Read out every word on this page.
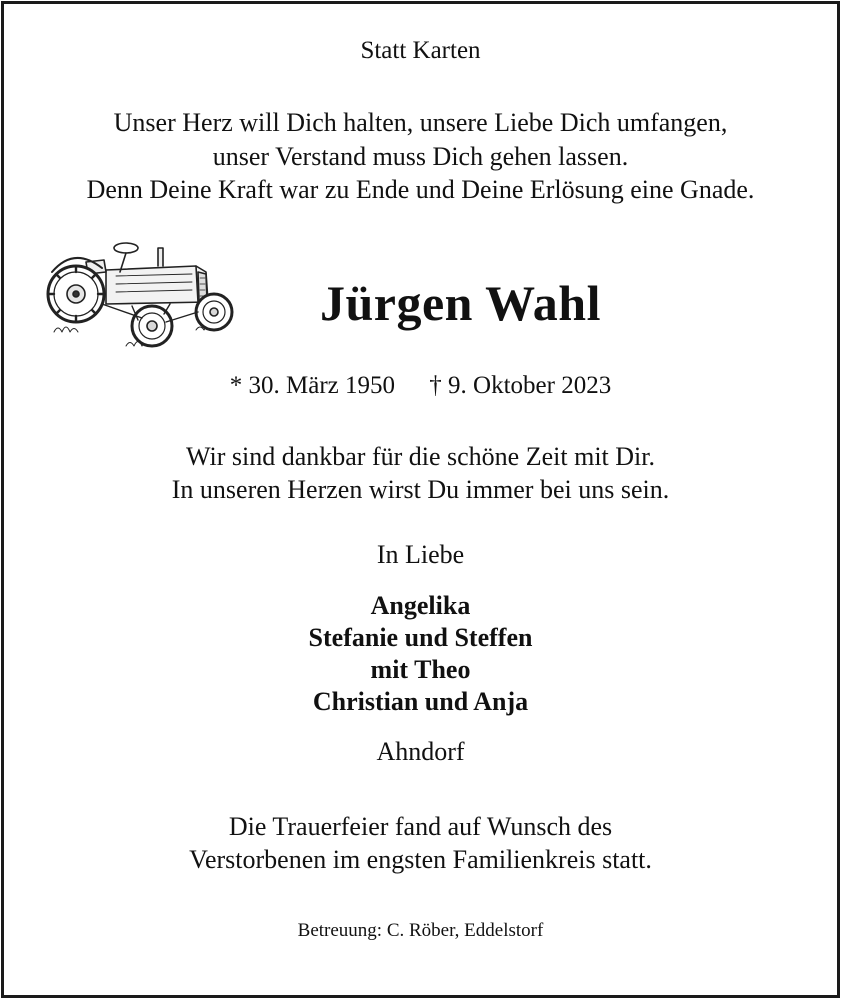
Statt Karten
Unser Herz will Dich halten, unsere Liebe Dich umfangen,
unser Verstand muss Dich gehen lassen.
Denn Deine Kraft war zu Ende und Deine Erlösung eine Gnade.
Jürgen Wahl
* 30. März 1950 † 9. Oktober 2023
Wir sind dankbar für die schöne Zeit mit Dir.
In unseren Herzen wirst Du immer bei uns sein.
In Liebe
Angelika
Stefanie und Steffen
mit Theo
Christian und Anja
Ahndorf
Die Trauerfeier fand auf Wunsch des
Verstorbenen im engsten Familienkreis statt.
Betreuung: C. Röber, Eddelstorf
